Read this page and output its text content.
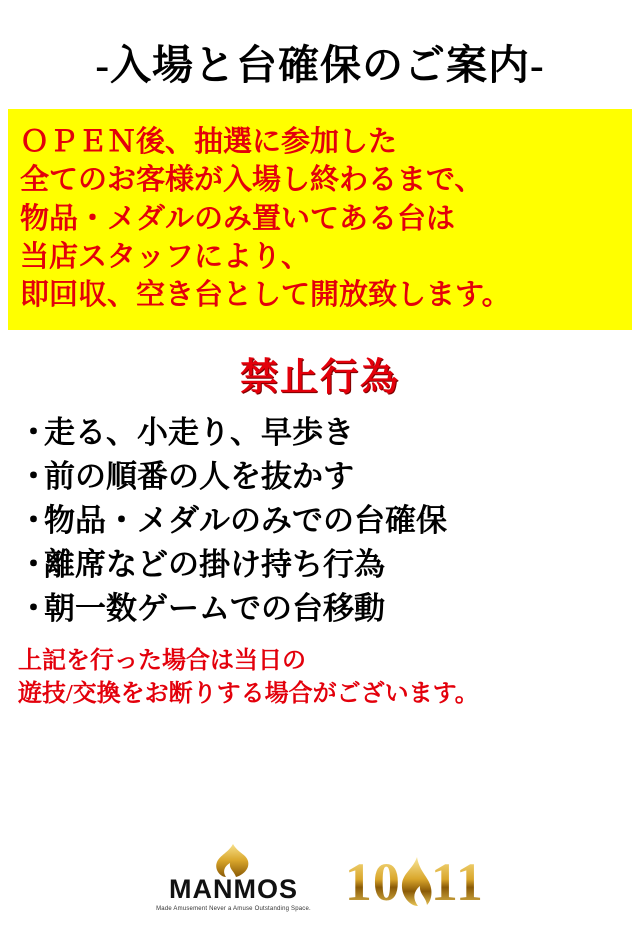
-入場と台確保のご案内-
ＯＰＥＮ後、抽選に参加した
全てのお客様が入場し終わるまで、
物品・メダルのみ置いてある台は
当店スタッフにより、
即回収、空き台として開放致します。
禁止行為
・走る、小走り、早歩き
・前の順番の人を抜かす
・物品・メダルのみでの台確保
・離席などの掛け持ち行為
・朝一数ゲームでの台移動
上記を行った場合は当日の
遊技/交換をお断りする場合がございます。
MANMOS
Made Amusement Never a Amuse Outstanding Space. 10 11
